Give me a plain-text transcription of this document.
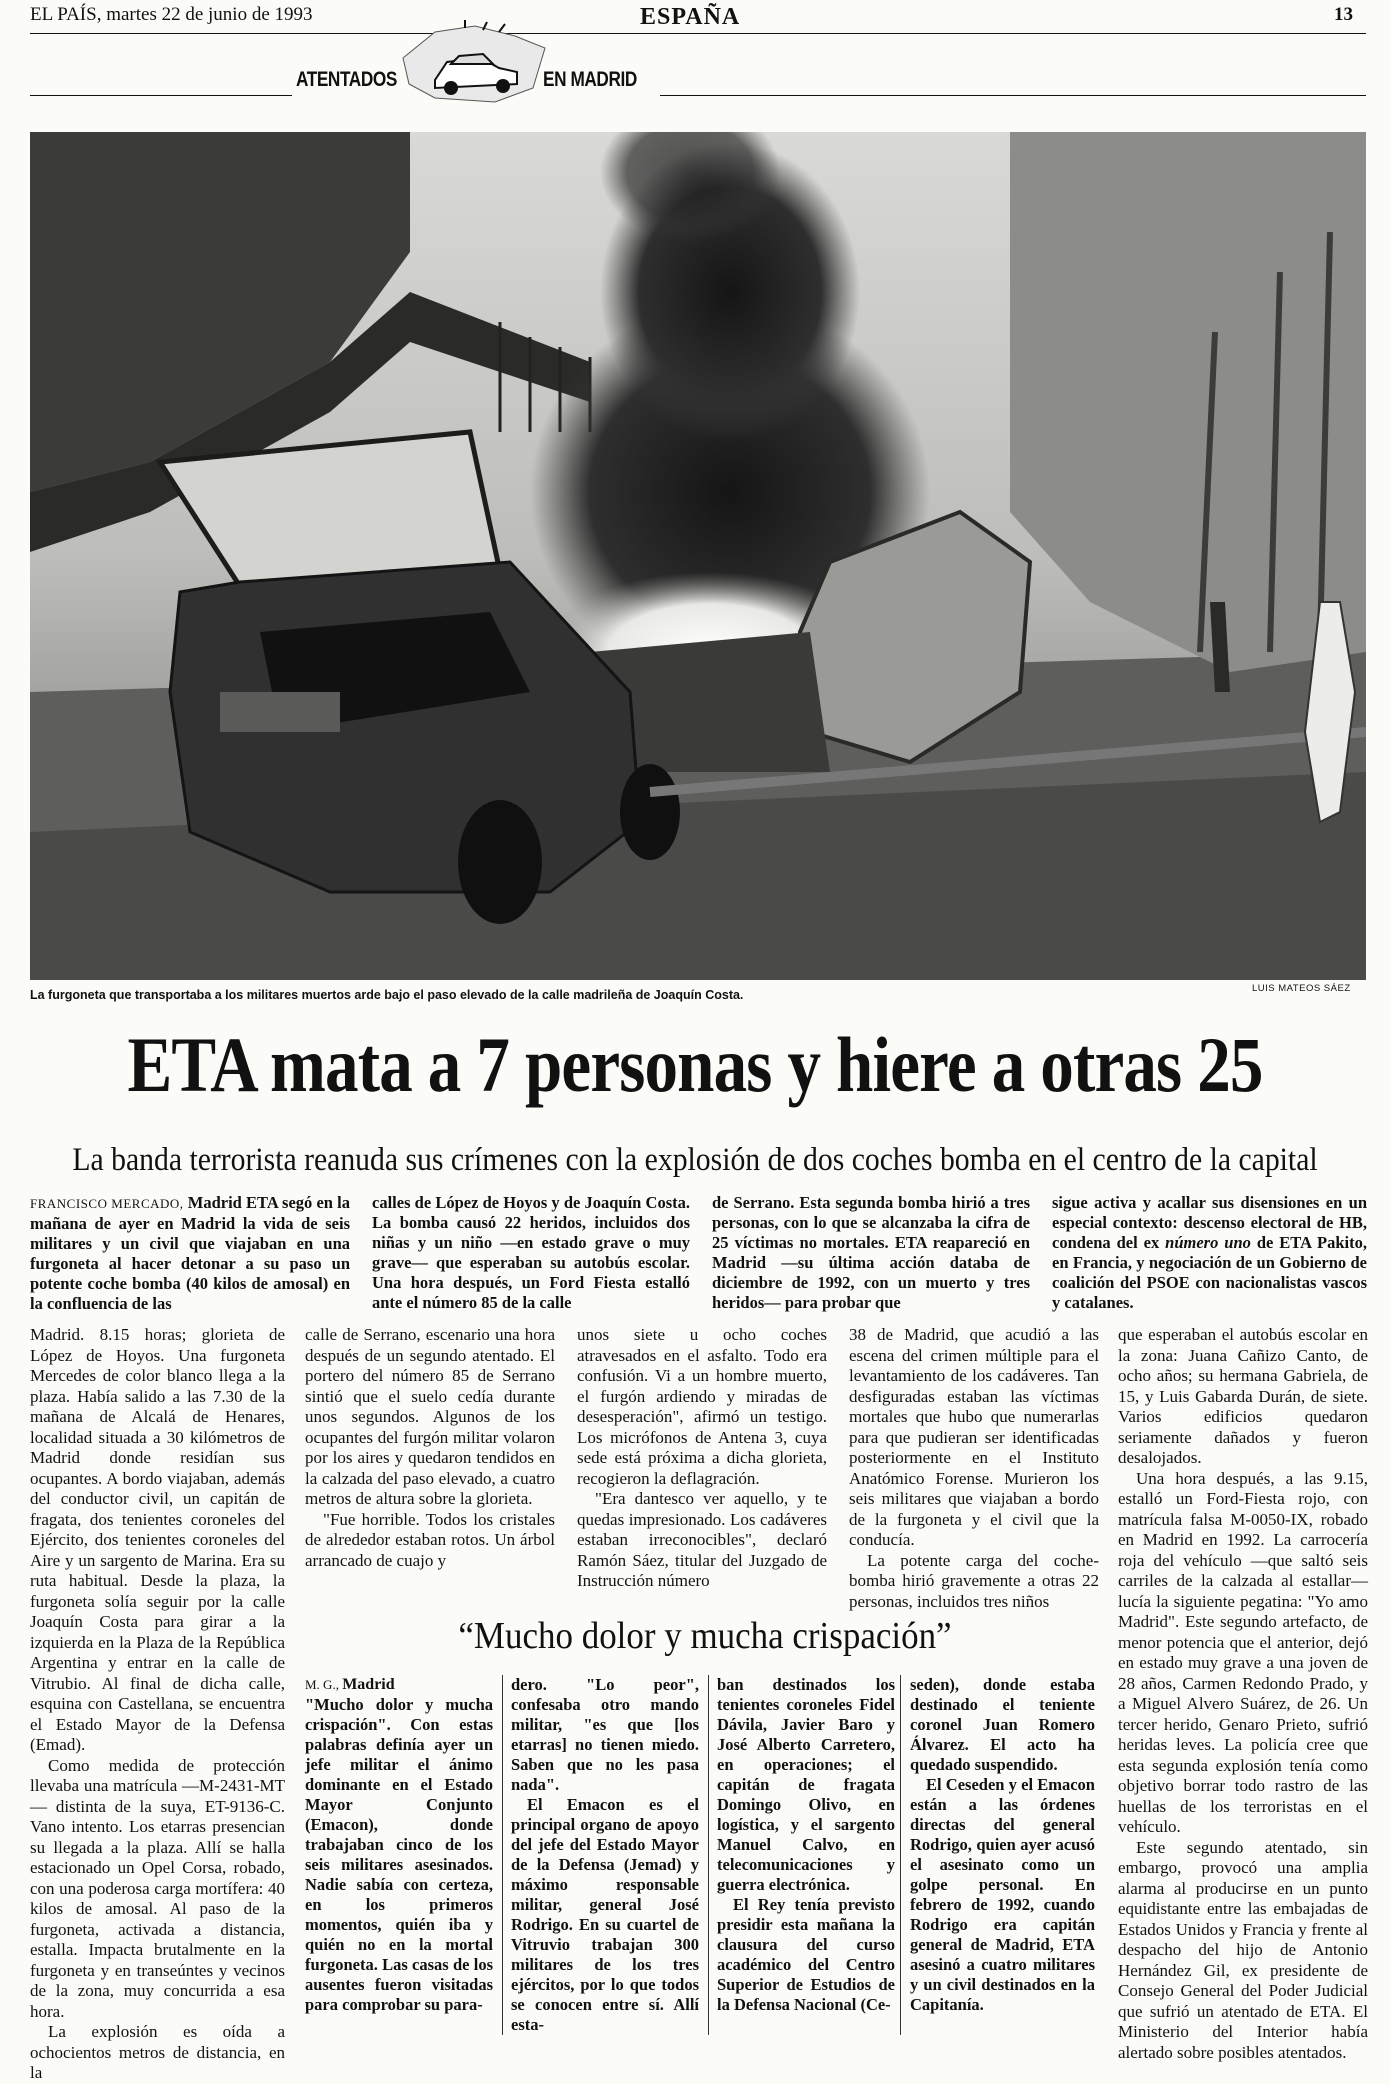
EL PAÍS, martes 22 de junio de 1993	ESPAÑA	13
ATENTADOS	EN MADRID
La furgoneta que transportaba a los militares muertos arde bajo el paso elevado de la calle madrileña de Joaquín Costa.	LUIS MATEOS SÁEZ
ETA mata a 7 personas y hiere a otras 25
La banda terrorista reanuda sus crímenes con la explosión de dos coches bomba en el centro de la capital
FRANCISCO MERCADO, Madrid ETA segó en la mañana de ayer en Madrid la vida de seis militares y un civil que viajaban en una furgoneta al hacer detonar a su paso un potente coche bomba (40 kilos de amosal) en la confluencia de las
calles de López de Hoyos y de Joaquín Costa. La bomba causó 22 heridos, incluidos dos niñas y un niño —en estado grave o muy grave— que esperaban su autobús escolar. Una hora después, un Ford Fiesta estalló ante el número 85 de la calle
de Serrano. Esta segunda bomba hirió a tres personas, con lo que se alcanzaba la cifra de 25 víctimas no mortales. ETA reapareció en Madrid —su última acción databa de diciembre de 1992, con un muerto y tres heridos— para probar que
sigue activa y acallar sus disensiones en un especial contexto: descenso electoral de HB, condena del ex número uno de ETA Pakito, en Francia, y negociación de un Gobierno de coalición del PSOE con nacionalistas vascos y catalanes.

Madrid. 8.15 horas; glorieta de López de Hoyos. Una furgoneta Mercedes de color blanco llega a la plaza. Había salido a las 7.30 de la mañana de Alcalá de Henares, localidad situada a 30 kilómetros de Madrid donde residían sus ocupantes. A bordo viajaban, además del conductor civil, un capitán de fragata, dos tenientes coroneles del Ejército, dos tenientes coroneles del Aire y un sargento de Marina. Era su ruta habitual. Desde la plaza, la furgoneta solía seguir por la calle Joaquín Costa para girar a la izquierda en la Plaza de la República Argentina y entrar en la calle de Vitrubio. Al final de dicha calle, esquina con Castellana, se encuentra el Estado Mayor de la Defensa (Emad).

Como medida de protección llevaba una matrícula —M-2431-MT— distinta de la suya, ET-9136-C. Vano intento. Los etarras presencian su llegada a la plaza. Allí se halla estacionado un Opel Corsa, robado, con una poderosa carga mortífera: 40 kilos de amosal. Al paso de la furgoneta, activada a distancia, estalla. Impacta brutalmente en la furgoneta y en transeúntes y vecinos de la zona, muy concurrida a esa hora.

La explosión es oída a ochocientos metros de distancia, en la

calle de Serrano, escenario una hora después de un segundo atentado. El portero del número 85 de Serrano sintió que el suelo cedía durante unos segundos. Algunos de los ocupantes del furgón militar volaron por los aires y quedaron tendidos en la calzada del paso elevado, a cuatro metros de altura sobre la glorieta.

"Fue horrible. Todos los cristales de alrededor estaban rotos. Un árbol arrancado de cuajo y

unos siete u ocho coches atravesados en el asfalto. Todo era confusión. Vi a un hombre muerto, el furgón ardiendo y miradas de desesperación", afirmó un testigo. Los micrófonos de Antena 3, cuya sede está próxima a dicha glorieta, recogieron la deflagración.

"Era dantesco ver aquello, y te quedas impresionado. Los cadáveres estaban irreconocibles", declaró Ramón Sáez, titular del Juzgado de Instrucción número

38 de Madrid, que acudió a las escena del crimen múltiple para el levantamiento de los cadáveres. Tan desfiguradas estaban las víctimas mortales que hubo que numerarlas para que pudieran ser identificadas posteriormente en el Instituto Anatómico Forense. Murieron los seis militares que viajaban a bordo de la furgoneta y el civil que la conducía.

La potente carga del coche-bomba hirió gravemente a otras 22 personas, incluidos tres niños

que esperaban el autobús escolar en la zona: Juana Cañizo Canto, de ocho años; su hermana Gabriela, de 15, y Luis Gabarda Durán, de siete. Varios edificios quedaron seriamente dañados y fueron desalojados.

Una hora después, a las 9.15, estalló un Ford-Fiesta rojo, con matrícula falsa M-0050-IX, robado en Madrid en 1992. La carrocería roja del vehículo —que saltó seis carriles de la calzada al estallar— lucía la siguiente pegatina: "Yo amo Madrid". Este segundo artefacto, de menor potencia que el anterior, dejó en estado muy grave a una joven de 28 años, Carmen Redondo Prado, y a Miguel Alvero Suárez, de 26. Un tercer herido, Genaro Prieto, sufrió heridas leves. La policía cree que esta segunda explosión tenía como objetivo borrar todo rastro de las huellas de los terroristas en el vehículo.

Este segundo atentado, sin embargo, provocó una amplia alarma al producirse en un punto equidistante entre las embajadas de Estados Unidos y Francia y frente al despacho del hijo de Antonio Hernández Gil, ex presidente de Consejo General del Poder Judicial que sufrió un atentado de ETA. El Ministerio del Interior había alertado sobre posibles atentados.

“Mucho dolor y mucha crispación”

M. G., Madrid

"Mucho dolor y mucha crispación". Con estas palabras definía ayer un jefe militar el ánimo dominante en el Estado Mayor Conjunto (Emacon), donde trabajaban cinco de los seis militares asesinados. Nadie sabía con certeza, en los primeros momentos, quién iba y quién no en la mortal furgoneta. Las casas de los ausentes fueron visitadas para comprobar su para-

dero. "Lo peor", confesaba otro mando militar, "es que [los etarras] no tienen miedo. Saben que no les pasa nada".

El Emacon es el principal organo de apoyo del jefe del Estado Mayor de la Defensa (Jemad) y máximo responsable militar, general José Rodrigo. En su cuartel de Vitruvio trabajan 300 militares de los tres ejércitos, por lo que todos se conocen entre sí. Allí esta-

ban destinados los tenientes coroneles Fidel Dávila, Javier Baro y José Alberto Carretero, en operaciones; el capitán de fragata Domingo Olivo, en logística, y el sargento Manuel Calvo, en telecomunicaciones y guerra electrónica.

El Rey tenía previsto presidir esta mañana la clausura del curso académico del Centro Superior de Estudios de la Defensa Nacional (Ce-

seden), donde estaba destinado el teniente coronel Juan Romero Álvarez. El acto ha quedado suspendido.

El Ceseden y el Emacon están a las órdenes directas del general Rodrigo, quien ayer acusó el asesinato como un golpe personal. En febrero de 1992, cuando Rodrigo era capitán general de Madrid, ETA asesinó a cuatro militares y un civil destinados en la Capitanía.
